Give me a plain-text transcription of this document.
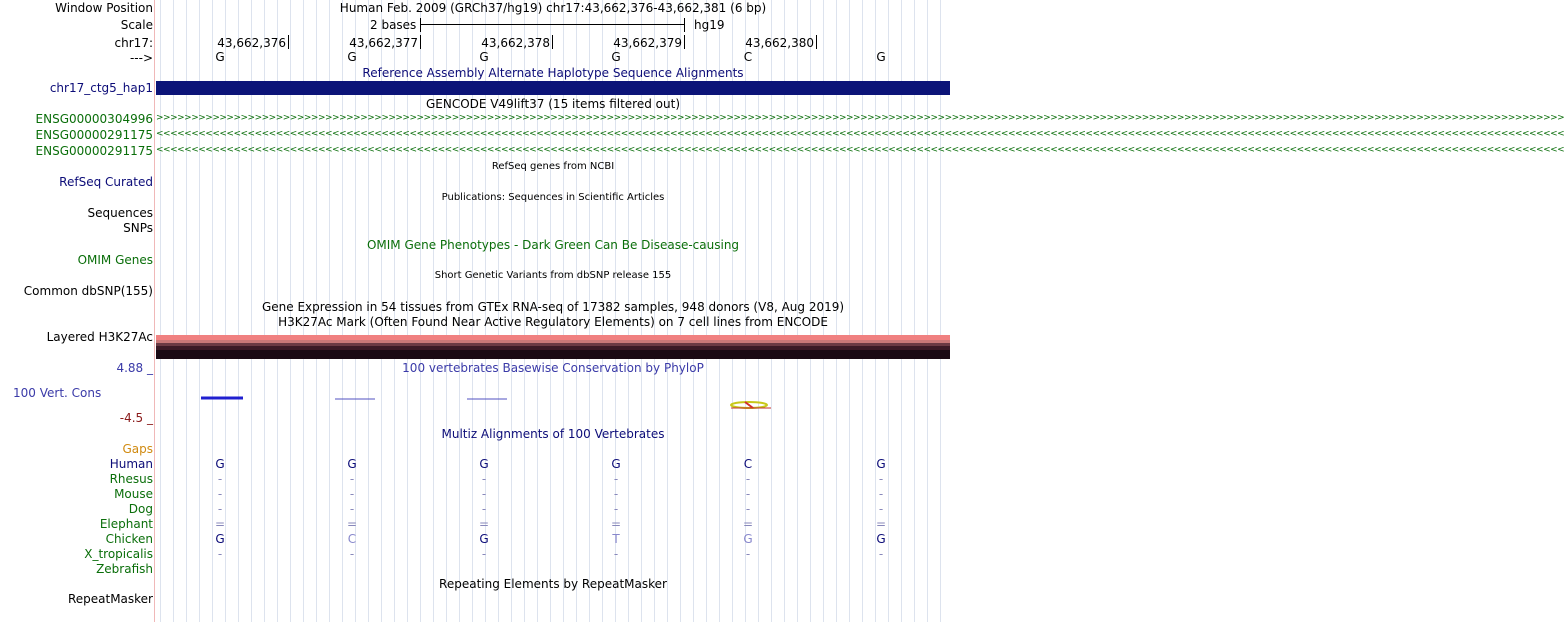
Window Position	Human Feb. 2009 (GRCh37/hg19) chr17:43,662,376-43,662,381 (6 bp)
Scale	2 bases	hg19
chr17:	43,662,376	43,662,377	43,662,378	43,662,379	43,662,380
--->	G	G	G	G	C	G
Reference Assembly Alternate Haplotype Sequence Alignments
chr17_ctg5_hap1
GENCODE V49lift37 (15 items filtered out)
ENSG00000304996
ENSG00000291175
ENSG00000291175
>>>>>>>>>>>>>>>>>>>>>>>>>>>>>>>>>>>>>>>>>>>>>>>>>>>>>>>>>>>>>>>>>>>>>>>>>>>>>>>>>>>>>>>>>>>>>>>>>>>>>>>>>>>>>>>>>>>>>>>>>>>>>>>>>>>>>>>>>>>>>>>>>>>>>>>>>>>>>>>>>>>>>>>>>>>>>>>>>>>>>>>>>>>>>>>>>>>>>>>>
<<<<<<<<<<<<<<<<<<<<<<<<<<<<<<<<<<<<<<<<<<<<<<<<<<<<<<<<<<<<<<<<<<<<<<<<<<<<<<<<<<<<<<<<<<<<<<<<<<<<<<<<<<<<<<<<<<<<<<<<<<<<<<<<<<<<<<<<<<<<<<<<<<<<<<<<<<<<<<<<<<<<<<<<<<<<<<<<<<<<<<<<<<<<<<<<<<<<<<<<
<<<<<<<<<<<<<<<<<<<<<<<<<<<<<<<<<<<<<<<<<<<<<<<<<<<<<<<<<<<<<<<<<<<<<<<<<<<<<<<<<<<<<<<<<<<<<<<<<<<<<<<<<<<<<<<<<<<<<<<<<<<<<<<<<<<<<<<<<<<<<<<<<<<<<<<<<<<<<<<<<<<<<<<<<<<<<<<<<<<<<<<<<<<<<<<<<<<<<<<<
RefSeq genes from NCBI
RefSeq Curated
Publications: Sequences in Scientific Articles
Sequences
SNPs
OMIM Gene Phenotypes - Dark Green Can Be Disease-causing
OMIM Genes
Short Genetic Variants from dbSNP release 155
Common dbSNP(155)
Gene Expression in 54 tissues from GTEx RNA-seq of 17382 samples, 948 donors (V8, Aug 2019)
H3K27Ac Mark (Often Found Near Active Regulatory Elements) on 7 cell lines from ENCODE
Layered H3K27Ac
100 vertebrates Basewise Conservation by PhyloP
4.88 _
100 Vert. Cons
-4.5 _
Multiz Alignments of 100 Vertebrates
Gaps
Human	G	G	G	G	C	G
Rhesus	-	-	-	-	-	-
Mouse	-	-	-	-	-	-
Dog	-	-	-	-	-	-
Elephant	=	=	=	=	=	=
Chicken	G	C	G	T	G	G
X_tropicalis	-	-	-	-	-	-
Zebrafish
Repeating Elements by RepeatMasker
RepeatMasker
